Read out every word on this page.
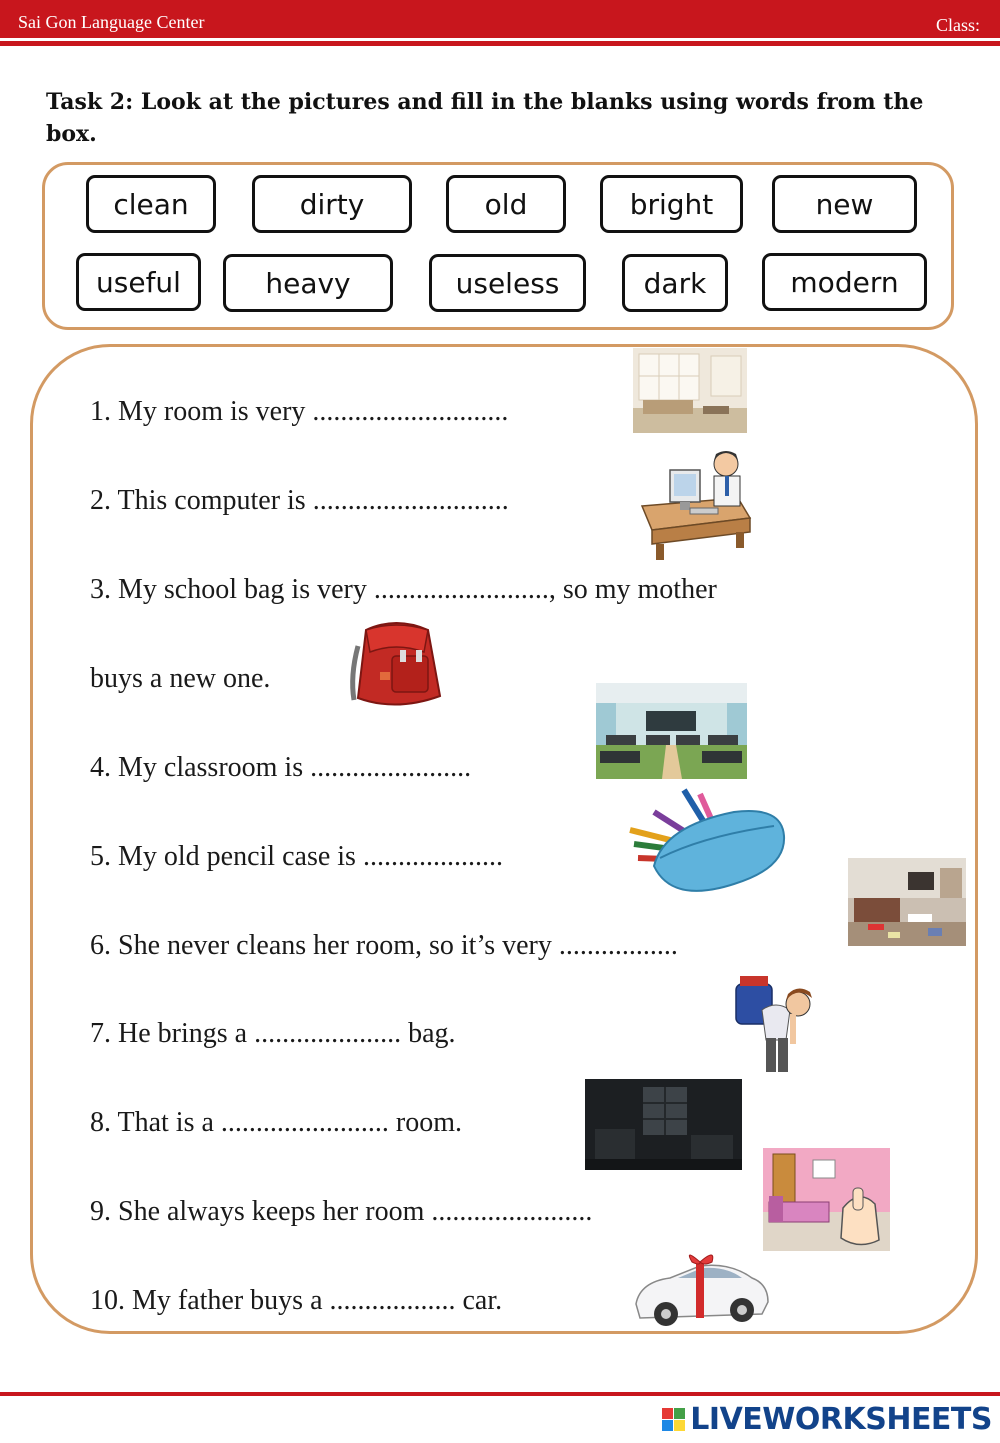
Sai Gon Language Center	Class:
Task 2: Look at the pictures and fill in the blanks using words from the box.
clean	dirty	old	bright	new
useful	heavy	useless	dark	modern
1. My room is very ............................
2. This computer is ............................
3. My school bag is very ........................., so my mother
buys a new one.
4. My classroom is .......................
5. My old pencil case is ....................
6. She never cleans her room, so it’s very .................
7. He brings a ..................... bag.
8. That is a ........................ room.
9. She always keeps her room .......................
10. My father buys a .................. car.
LIVEWORKSHEETS
